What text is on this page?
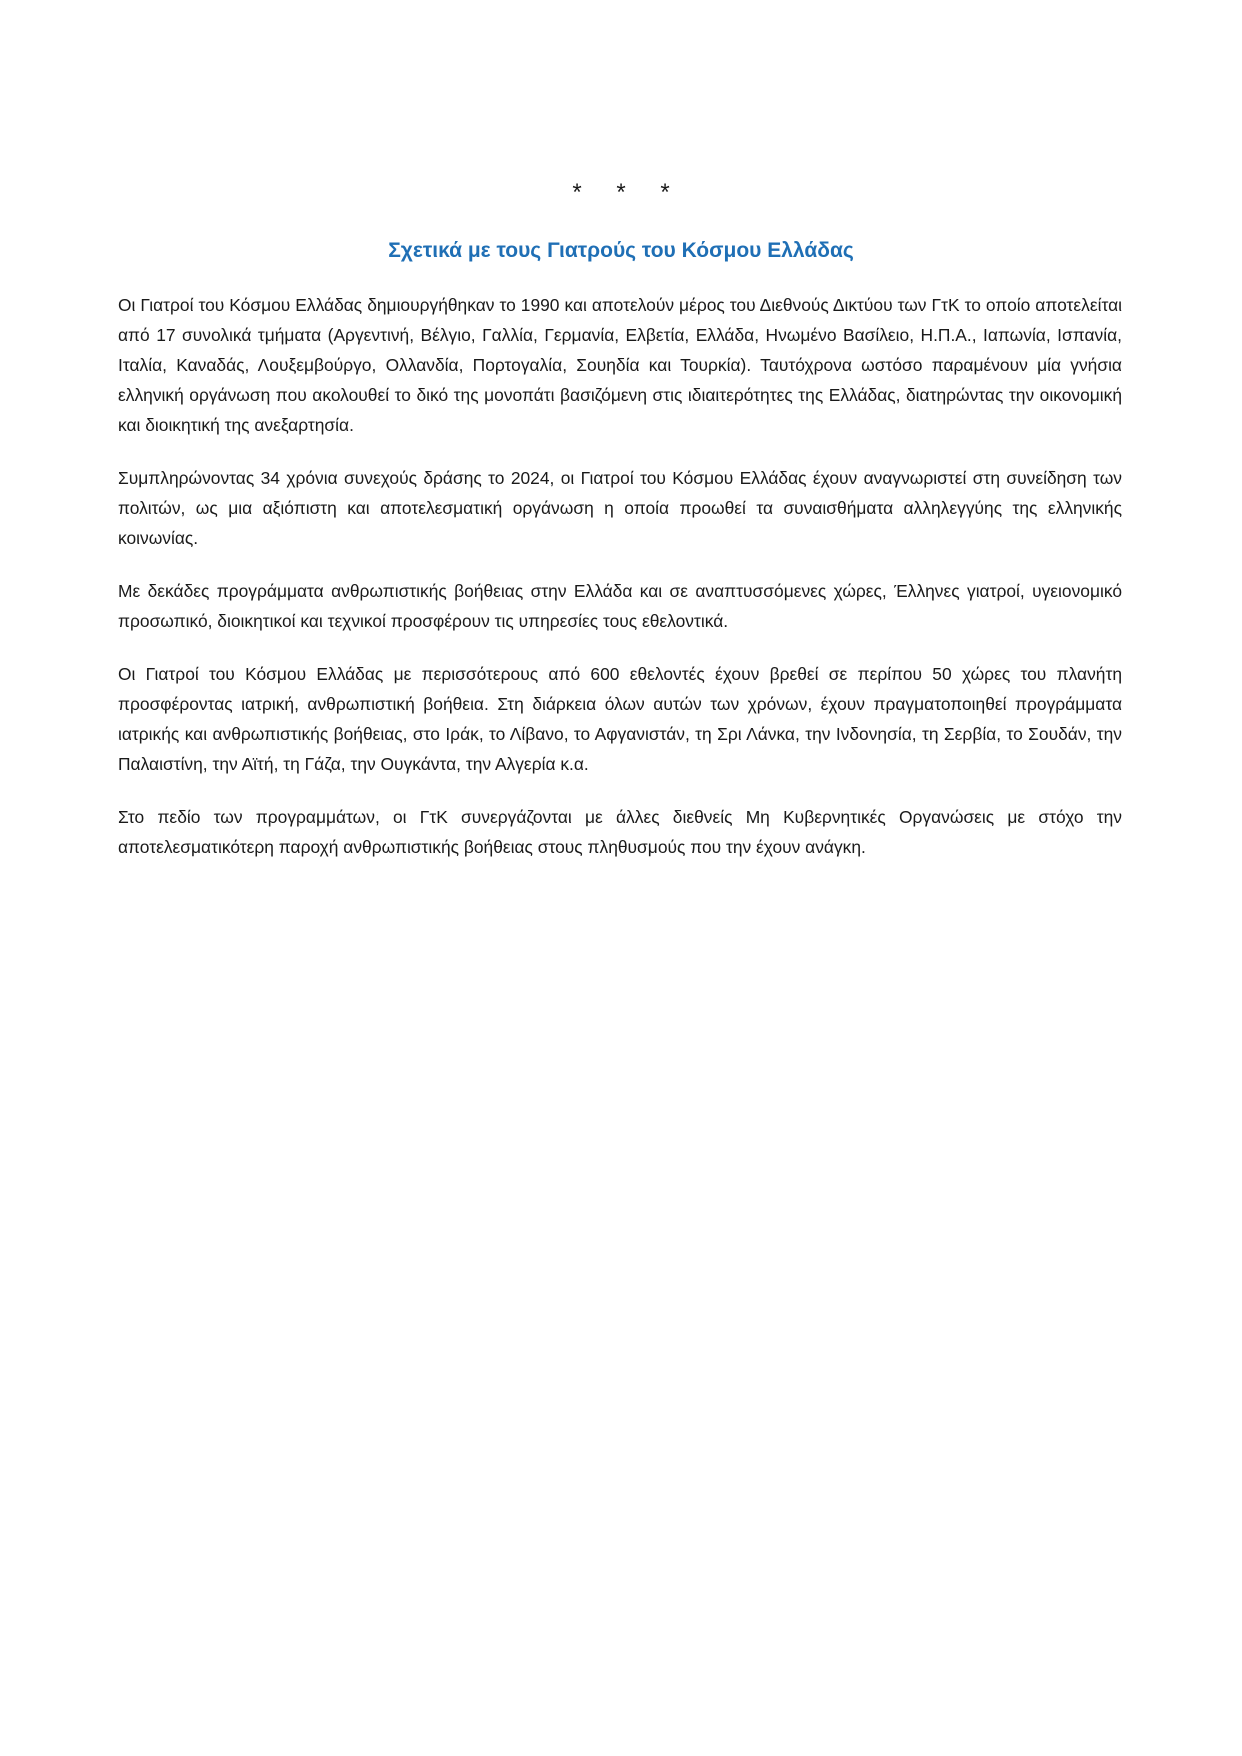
* * *
Σχετικά με τους Γιατρούς του Κόσμου Ελλάδας

Οι Γιατροί του Κόσμου Ελλάδας δημιουργήθηκαν το 1990 και αποτελούν μέρος του Διεθνούς Δικτύου των ΓτΚ το οποίο αποτελείται από 17 συνολικά τμήματα (Αργεντινή, Βέλγιο, Γαλλία, Γερμανία, Ελβετία, Ελλάδα, Ηνωμένο Βασίλειο, Η.Π.Α., Ιαπωνία, Ισπανία, Ιταλία, Καναδάς, Λουξεμβούργο, Ολλανδία, Πορτογαλία, Σουηδία και Τουρκία). Ταυτόχρονα ωστόσο παραμένουν μία γνήσια ελληνική οργάνωση που ακολουθεί το δικό της μονοπάτι βασιζόμενη στις ιδιαιτερότητες της Ελλάδας, διατηρώντας την οικονομική και διοικητική της ανεξαρτησία.

Συμπληρώνοντας 34 χρόνια συνεχούς δράσης το 2024, οι Γιατροί του Κόσμου Ελλάδας έχουν αναγνωριστεί στη συνείδηση των πολιτών, ως μια αξιόπιστη και αποτελεσματική οργάνωση η οποία προωθεί τα συναισθήματα αλληλεγγύης της ελληνικής κοινωνίας.

Με δεκάδες προγράμματα ανθρωπιστικής βοήθειας στην Ελλάδα και σε αναπτυσσόμενες χώρες, Έλληνες γιατροί, υγειονομικό προσωπικό, διοικητικοί και τεχνικοί προσφέρουν τις υπηρεσίες τους εθελοντικά.

Οι Γιατροί του Κόσμου Ελλάδας με περισσότερους από 600 εθελοντές έχουν βρεθεί σε περίπου 50 χώρες του πλανήτη προσφέροντας ιατρική, ανθρωπιστική βοήθεια. Στη διάρκεια όλων αυτών των χρόνων, έχουν πραγματοποιηθεί προγράμματα ιατρικής και ανθρωπιστικής βοήθειας, στο Ιράκ, το Λίβανο, το Αφγανιστάν, τη Σρι Λάνκα, την Ινδονησία, τη Σερβία, το Σουδάν, την Παλαιστίνη, την Αϊτή, τη Γάζα, την Ουγκάντα, την Αλγερία κ.α.

Στο πεδίο των προγραμμάτων, οι ΓτΚ συνεργάζονται με άλλες διεθνείς Μη Κυβερνητικές Οργανώσεις με στόχο την αποτελεσματικότερη παροχή ανθρωπιστικής βοήθειας στους πληθυσμούς που την έχουν ανάγκη.
